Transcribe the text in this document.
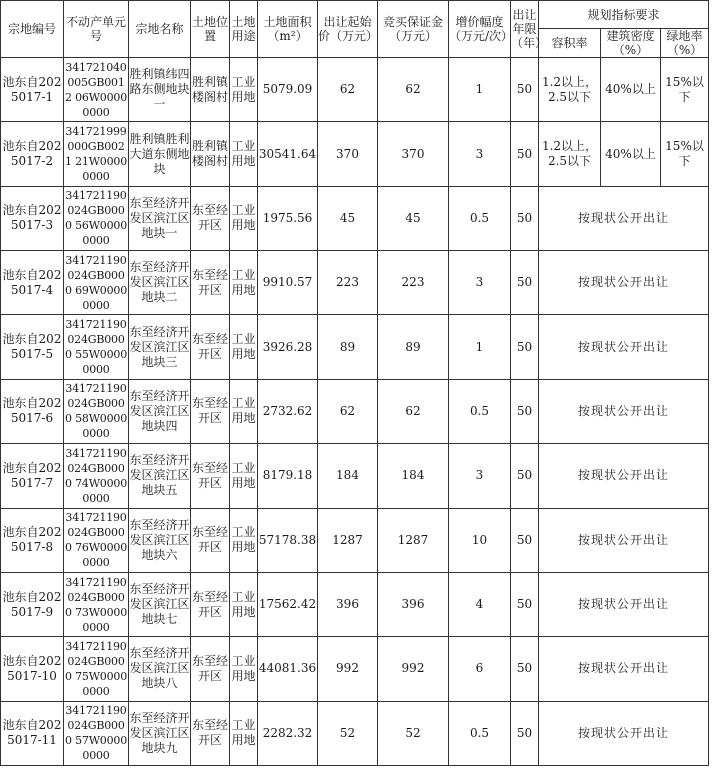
宗地编号	不动产单元号	宗地名称	土地位置	土地用途	土地面积（m²）	出让起始价（万元）	竞买保证金（万元）	增价幅度（万元/次）	出让年限（年）	规划指标要求		
										容积率	建筑密度（%）	绿地率（%）
池东自2025017-1	341721040005GB0012 06W00000000	胜利镇纬四路东侧地块一	胜利镇楼阁村	工业用地	5079.09	62	62	1	50	1.2以上，2.5以下	40%以上	15%以下
池东自2025017-2	341721999000GB0021 21W00000000	胜利镇胜利大道东侧地块	胜利镇楼阁村	工业用地	30541.64	370	370	3	50	1.2以上，2.5以下	40%以上	15%以下
池东自2025017-3	341721190024GB0000 56W00000000	东至经济开发区滨江区地块一	东至经开区	工业用地	1975.56	45	45	0.5	50	按现状公开出让		
池东自2025017-4	341721190024GB0000 69W00000000	东至经济开发区滨江区地块二	东至经开区	工业用地	9910.57	223	223	3	50	按现状公开出让		
池东自2025017-5	341721190024GB0000 55W00000000	东至经济开发区滨江区地块三	东至经开区	工业用地	3926.28	89	89	1	50	按现状公开出让		
池东自2025017-6	341721190024GB0000 58W00000000	东至经济开发区滨江区地块四	东至经开区	工业用地	2732.62	62	62	0.5	50	按现状公开出让		
池东自2025017-7	341721190024GB0000 74W00000000	东至经济开发区滨江区地块五	东至经开区	工业用地	8179.18	184	184	3	50	按现状公开出让		
池东自2025017-8	341721190024GB0000 76W00000000	东至经济开发区滨江区地块六	东至经开区	工业用地	57178.38	1287	1287	10	50	按现状公开出让		
池东自2025017-9	341721190024GB0000 73W00000000	东至经济开发区滨江区地块七	东至经开区	工业用地	17562.42	396	396	4	50	按现状公开出让		
池东自2025017-10	341721190024GB0000 75W00000000	东至经济开发区滨江区地块八	东至经开区	工业用地	44081.36	992	992	6	50	按现状公开出让		
池东自2025017-11	341721190024GB0000 57W00000000	东至经济开发区滨江区地块九	东至经开区	工业用地	2282.32	52	52	0.5	50	按现状公开出让		
